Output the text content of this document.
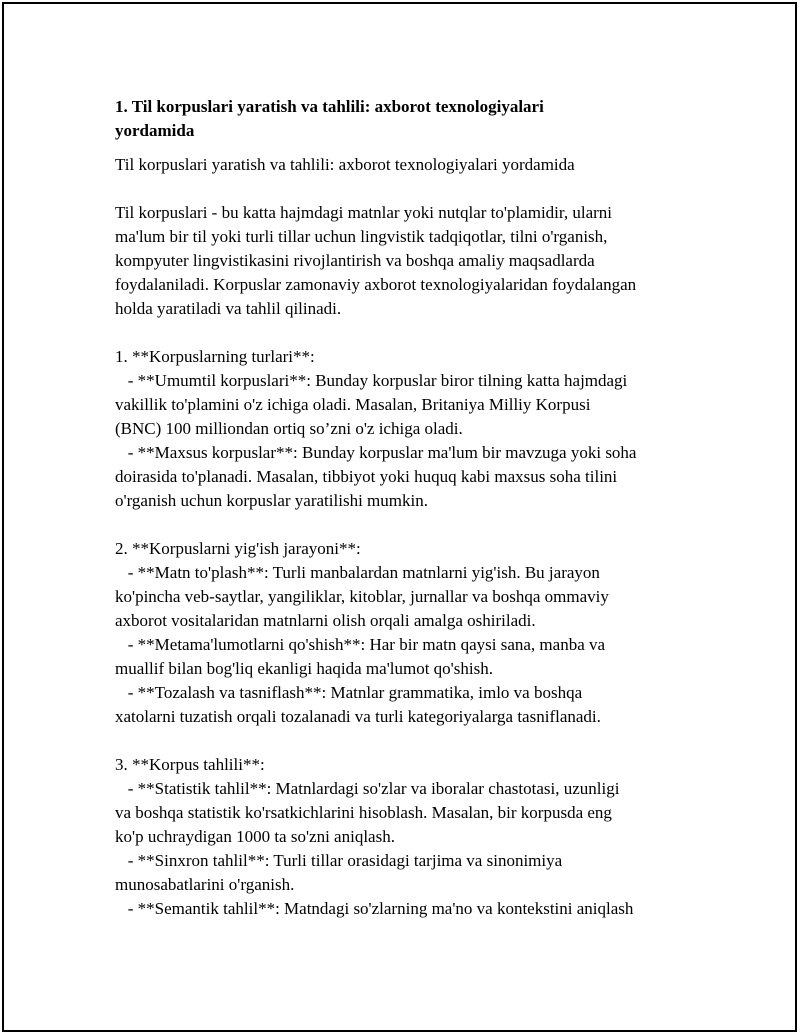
1. Til korpuslari yaratish va tahlili: axborot texnologiyalari
yordamida
Til korpuslari yaratish va tahlili: axborot texnologiyalari yordamida
Til korpuslari - bu katta hajmdagi matnlar yoki nutqlar to'plamidir, ularni
ma'lum bir til yoki turli tillar uchun lingvistik tadqiqotlar, tilni o'rganish,
kompyuter lingvistikasini rivojlantirish va boshqa amaliy maqsadlarda
foydalaniladi. Korpuslar zamonaviy axborot texnologiyalaridan foydalangan
holda yaratiladi va tahlil qilinadi.
1. **Korpuslarning turlari**:
- **Umumtil korpuslari**: Bunday korpuslar biror tilning katta hajmdagi
vakillik to'plamini o'z ichiga oladi. Masalan, Britaniya Milliy Korpusi
(BNC) 100 milliondan ortiq so’zni o'z ichiga oladi.
- **Maxsus korpuslar**: Bunday korpuslar ma'lum bir mavzuga yoki soha
doirasida to'planadi. Masalan, tibbiyot yoki huquq kabi maxsus soha tilini
o'rganish uchun korpuslar yaratilishi mumkin.
2. **Korpuslarni yig'ish jarayoni**:
- **Matn to'plash**: Turli manbalardan matnlarni yig'ish. Bu jarayon
ko'pincha veb-saytlar, yangiliklar, kitoblar, jurnallar va boshqa ommaviy
axborot vositalaridan matnlarni olish orqali amalga oshiriladi.
- **Metama'lumotlarni qo'shish**: Har bir matn qaysi sana, manba va
muallif bilan bog'liq ekanligi haqida ma'lumot qo'shish.
- **Tozalash va tasniflash**: Matnlar grammatika, imlo va boshqa
xatolarni tuzatish orqali tozalanadi va turli kategoriyalarga tasniflanadi.
3. **Korpus tahlili**:
- **Statistik tahlil**: Matnlardagi so'zlar va iboralar chastotasi, uzunligi
va boshqa statistik ko'rsatkichlarini hisoblash. Masalan, bir korpusda eng
ko'p uchraydigan 1000 ta so'zni aniqlash.
- **Sinxron tahlil**: Turli tillar orasidagi tarjima va sinonimiya
munosabatlarini o'rganish.
- **Semantik tahlil**: Matndagi so'zlarning ma'no va kontekstini aniqlash
